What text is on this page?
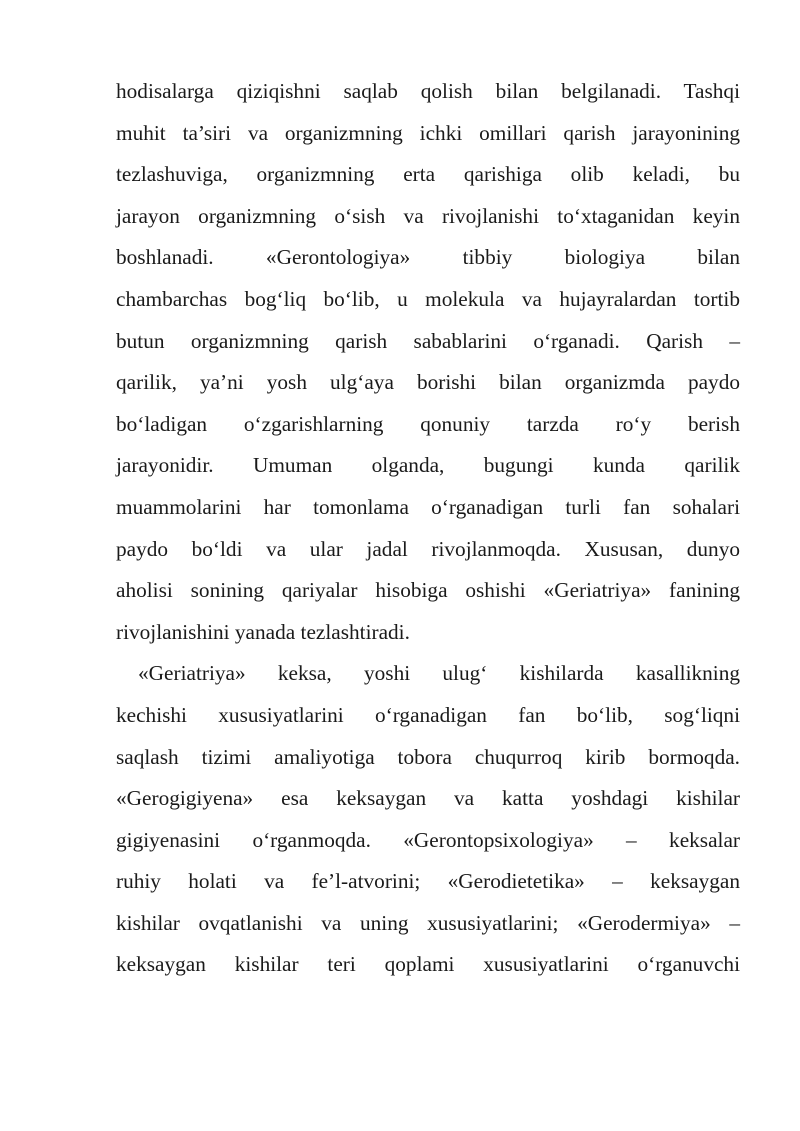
hodisalarga qiziqishni saqlab qolish bilan belgilanadi. Tashqi
muhit ta’siri va organizmning ichki omillari qarish jarayonining
tezlashuviga, organizmning erta qarishiga olib keladi, bu
jarayon organizmning o‘sish va rivojlanishi to‘xtaganidan keyin
boshlanadi. «Gerontologiya» tibbiy biologiya bilan
chambarchas bog‘liq bo‘lib, u molekula va hujayralardan tortib
butun organizmning qarish sabablarini o‘rganadi. Qarish –
qarilik, ya’ni yosh ulg‘aya borishi bilan organizmda paydo
bo‘ladigan o‘zgarishlarning qonuniy tarzda ro‘y berish
jarayonidir. Umuman olganda, bugungi kunda qarilik
muammolarini har tomonlama o‘rganadigan turli fan sohalari
paydo bo‘ldi va ular jadal rivojlanmoqda. Xususan, dunyo
aholisi sonining qariyalar hisobiga oshishi «Geriatriya» fanining
rivojlanishini yanada tezlashtiradi.
«Geriatriya» keksa, yoshi ulug‘ kishilarda kasallikning
kechishi xususiyatlarini o‘rganadigan fan bo‘lib, sog‘liqni
saqlash tizimi amaliyotiga tobora chuqurroq kirib bormoqda.
«Gerogigiyena» esa keksaygan va katta yoshdagi kishilar
gigiyenasini o‘rganmoqda. «Gerontopsixologiya» – keksalar
ruhiy holati va fe’l-atvorini; «Gerodietetika» – keksaygan
kishilar ovqatlanishi va uning xususiyatlarini; «Gerodermiya» –
keksaygan kishilar teri qoplami xususiyatlarini o‘rganuvchi
